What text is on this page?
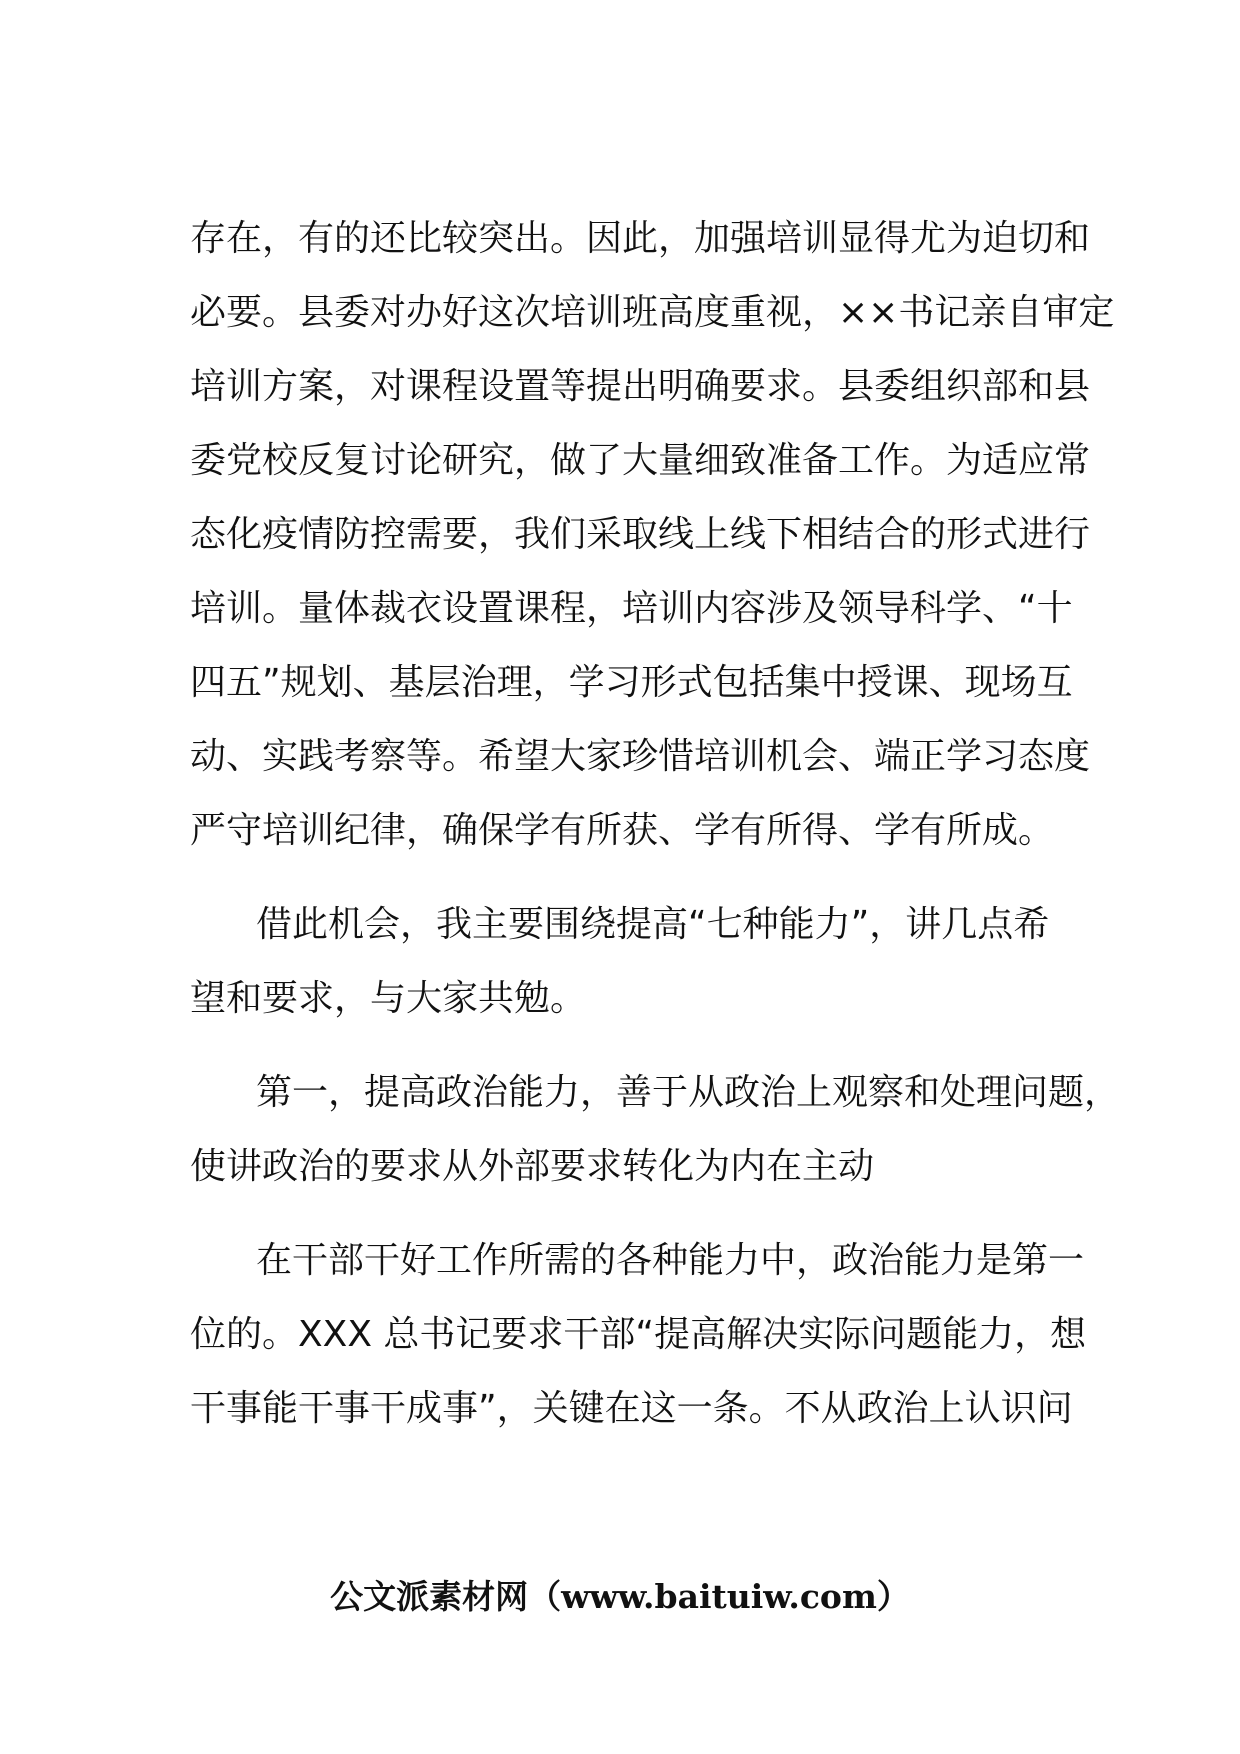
存在，有的还比较突出。因此，加强培训显得尤为迫切和
必要。县委对办好这次培训班高度重视，××书记亲自审定
培训方案，对课程设置等提出明确要求。县委组织部和县
委党校反复讨论研究，做了大量细致准备工作。为适应常
态化疫情防控需要，我们采取线上线下相结合的形式进行
培训。量体裁衣设置课程，培训内容涉及领导科学、“十
四五”规划、基层治理，学习形式包括集中授课、现场互
动、实践考察等。希望大家珍惜培训机会、端正学习态度
严守培训纪律，确保学有所获、学有所得、学有所成。
借此机会，我主要围绕提高“七种能力”，讲几点希
望和要求，与大家共勉。
第一，提高政治能力，善于从政治上观察和处理问题，
使讲政治的要求从外部要求转化为内在主动
在干部干好工作所需的各种能力中，政治能力是第一
位的。XXX 总书记要求干部“提高解决实际问题能力，想
干事能干事干成事”，关键在这一条。不从政治上认识问
公文派素材网（www.baituiw.com）
